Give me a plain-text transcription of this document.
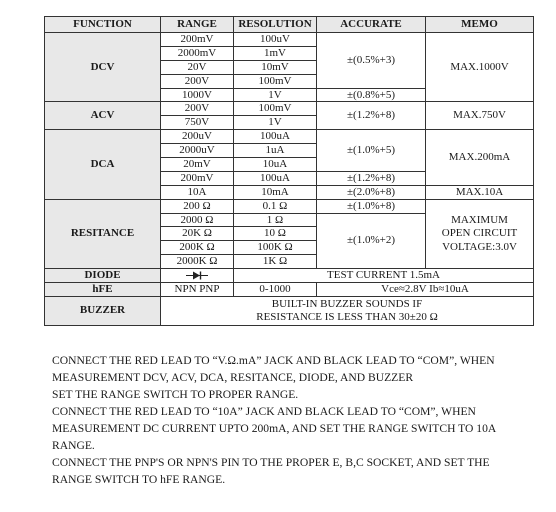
FUNCTION	RANGE	RESOLUTION	ACCURATE	MEMO
DCV	200mV	100uV	±(0.5%+3)	MAX.1000V
	2000mV	1mV		
	20V	10mV		
	200V	100mV		
	1000V	1V	±(0.8%+5)	
ACV	200V	100mV	±(1.2%+8)	MAX.750V
	750V	1V		
DCA	200uV	100uA	±(1.0%+5)	MAX.200mA
	2000uV	1uA		
	20mV	10uA		
	200mV	100uA	±(1.2%+8)	
	10A	10mA	±(2.0%+8)	MAX.10A
RESITANCE	200 Ω	0.1 Ω	±(1.0%+8)	MAXIMUM
OPEN CIRCUIT
VOLTAGE:3.0V

	2000 Ω	1 Ω	±(1.0%+2)	
	20K Ω	10 Ω		
	200K Ω	100K Ω		
	2000K Ω	1K Ω		
DIODE		TEST CURRENT 1.5mA		
hFE	NPN PNP	0-1000	Vce≈2.8V Ib≈10uA	
BUZZER	BUILT-IN BUZZER SOUNDS IF
RESISTANCE IS LESS THAN 30±20 Ω			

CONNECT THE RED LEAD TO “V.Ω.mA” JACK AND BLACK LEAD TO “COM”, WHEN

MEASUREMENT DCV, ACV, DCA, RESITANCE, DIODE, AND BUZZER

SET THE RANGE SWITCH TO PROPER RANGE.

CONNECT THE RED LEAD TO “10A” JACK AND BLACK LEAD TO “COM”, WHEN

MEASUREMENT DC CURRENT UPTO 200mA, AND SET THE RANGE SWITCH TO 10A

RANGE.

CONNECT THE PNP'S OR NPN'S PIN TO THE PROPER E, B,C SOCKET, AND SET THE

RANGE SWITCH TO hFE RANGE.
